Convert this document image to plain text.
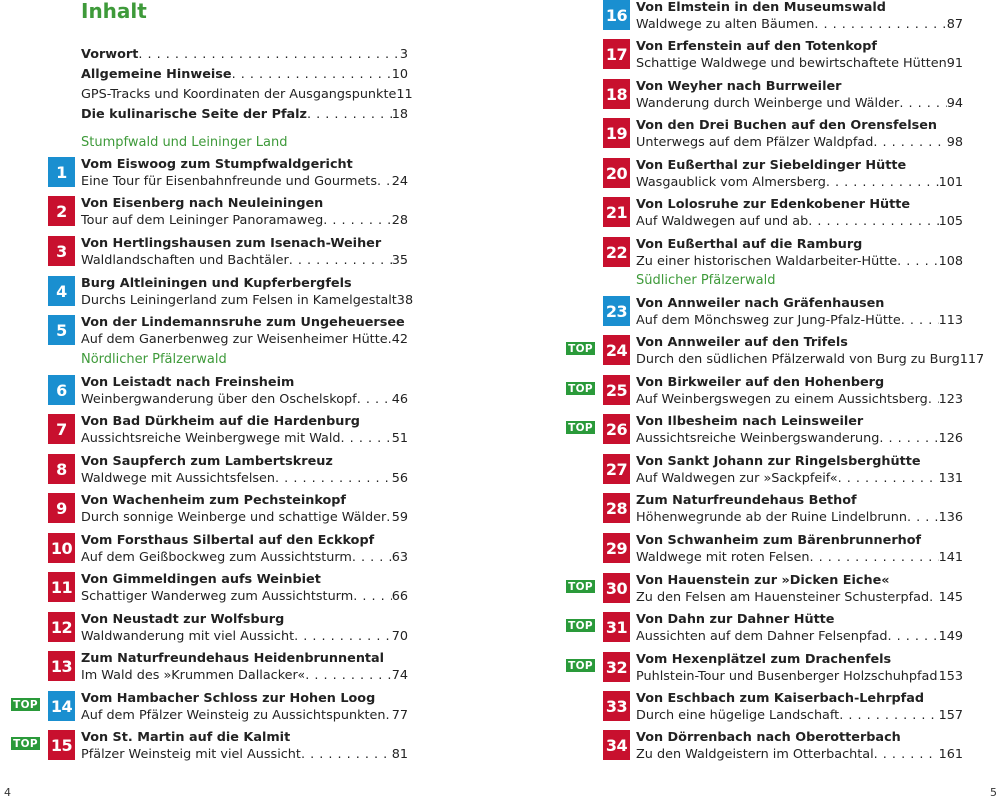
Inhalt
Vorwort . . .	3
Allgemeine Hinweise . . .	10
GPS-Tracks und Koordinaten der Ausgangspunkte 11
Die kulinarische Seite der Pfalz . . .	18
Stumpfwald und Leininger Land
Nördlicher Pfälzerwald
Südlicher Pfälzerwald
1	Vom Eiswoog zum Stumpfwaldgericht
Eine Tour für Eisenbahnfreunde und Gourmets . . . 24
2	Von Eisenberg nach Neuleiningen
Tour auf dem Leininger Panoramaweg . . .	28
3	Von Hertlingshausen zum Isenach-Weiher
Waldlandschaften und Bachtäler . . .	35
4	Burg Altleiningen und Kupferbergfels
Durchs Leiningerland zum Felsen in Kamelgestalt 38
5	Von der Lindemannsruhe zum Ungeheuersee
Auf dem Ganerbenweg zur Weisenheimer Hütte . . . 42
6	Von Leistadt nach Freinsheim
Weinbergwanderung über den Oschelskopf . . .	46
7	Von Bad Dürkheim auf die Hardenburg
Aussichtsreiche Weinbergwege mit Wald . . .	51
8	Von Saupferch zum Lambertskreuz
Waldwege mit Aussichtsfelsen . . .	56
9	Von Wachenheim zum Pechsteinkopf
Durch sonnige Weinberge und schattige Wälder . . . 59
10 Vom Forsthaus Silbertal auf den Eckkopf
Auf dem Geißbockweg zum Aussichtsturm . . .	63
11 Von Gimmeldingen aufs Weinbiet
Schattiger Wanderweg zum Aussichtsturm . . .	66
12 Von Neustadt zur Wolfsburg
Waldwanderung mit viel Aussicht . . .	70
13 Zum Naturfreundehaus Heidenbrunnental
Im Wald des »Krummen Dallacker« . . .	74
14 Vom Hambacher Schloss zur Hohen Loog
Auf dem Pfälzer Weinsteig zu Aussichtspunkten . . . 77
TOP
15 Von St. Martin auf die Kalmit
Pfälzer Weinsteig mit viel Aussicht . . .	81
TOP
16 Von Elmstein in den Museumswald
Waldwege zu alten Bäumen . . .	87
17 Von Erfenstein auf den Totenkopf
Schattige Waldwege und bewirtschaftete Hütten 91
18 Von Weyher nach Burrweiler
Wanderung durch Weinberge und Wälder . . .	94
19 Von den Drei Buchen auf den Orensfelsen
Unterwegs auf dem Pfälzer Waldpfad . . .	98
20 Von Eußerthal zur Siebeldinger Hütte
Wasgaublick vom Almersberg . . .	101
21 Von Lolosruhe zur Edenkobener Hütte
Auf Waldwegen auf und ab . . .	105
22 Von Eußerthal auf die Ramburg
Zu einer historischen Waldarbeiter-Hütte . . .	108
23 Von Annweiler nach Gräfenhausen
Auf dem Mönchsweg zur Jung-Pfalz-Hütte . . .	113
24 Von Annweiler auf den Trifels
Durch den südlichen Pfälzerwald von Burg zu Burg 117
TOP
25 Von Birkweiler auf den Hohenberg
Auf Weinbergswegen zu einem Aussichtsberg . . . 123
TOP
26 Von Ilbesheim nach Leinsweiler
Aussichtsreiche Weinbergswanderung . . .	126
TOP
27 Von Sankt Johann zur Ringelsberghütte
Auf Waldwegen zur »Sackpfeif« . . .	131
28 Zum Naturfreundehaus Bethof
Höhenwegrunde ab der Ruine Lindelbrunn . . . 136
29 Von Schwanheim zum Bärenbrunnerhof
Waldwege mit roten Felsen . . .	141
30 Von Hauenstein zur »Dicken Eiche«
Zu den Felsen am Hauensteiner Schusterpfad . . . 145
TOP
31 Von Dahn zur Dahner Hütte
Aussichten auf dem Dahner Felsenpfad . . .	149
TOP
32 Vom Hexenplätzel zum Drachenfels
Puhlstein-Tour und Busenberger Holzschuhpfad . . . 153
TOP
33 Von Eschbach zum Kaiserbach-Lehrpfad
Durch eine hügelige Landschaft . . .	157
34 Von Dörrenbach nach Oberotterbach
Zu den Waldgeistern im Otterbachtal . . .	161
4	5
